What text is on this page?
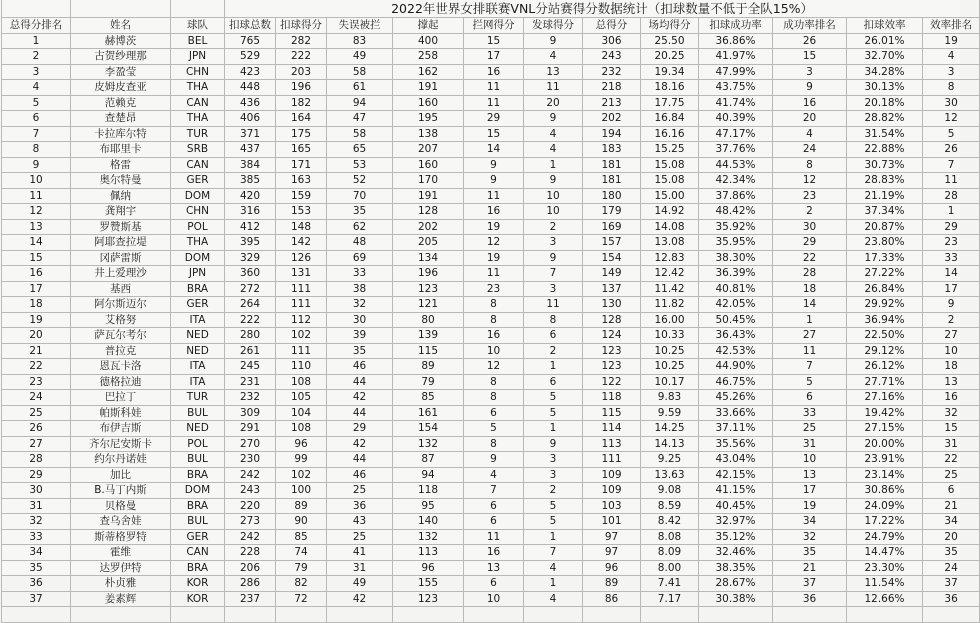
			2022年世界女排联赛VNL分站赛得分数据统计（扣球数量不低于全队15%）											
总得分排名	姓名	球队	扣球总数	扣球得分	失误被拦	撑起	拦网得分	发球得分	总得分	场均得分	扣球成功率	成功率排名	扣球效率	效率排名
1	赫博茨	BEL	765	282	83	400	15	9	306	25.50	36.86%	26	26.01%	19
2	古贺纱理那	JPN	529	222	49	258	17	4	243	20.25	41.97%	15	32.70%	4
3	李盈莹	CHN	423	203	58	162	16	13	232	19.34	47.99%	3	34.28%	3
4	皮姆皮查亚	THA	448	196	61	191	11	11	218	18.16	43.75%	9	30.13%	8
5	范赖克	CAN	436	182	94	160	11	20	213	17.75	41.74%	16	20.18%	30
6	查楚昂	THA	406	164	47	195	29	9	202	16.84	40.39%	20	28.82%	12
7	卡拉库尔特	TUR	371	175	58	138	15	4	194	16.16	47.17%	4	31.54%	5
8	布耶里卡	SRB	437	165	65	207	14	4	183	15.25	37.76%	24	22.88%	26
9	格雷	CAN	384	171	53	160	9	1	181	15.08	44.53%	8	30.73%	7
10	奥尔特曼	GER	385	163	52	170	9	9	181	15.08	42.34%	12	28.83%	11
11	佩纳	DOM	420	159	70	191	11	10	180	15.00	37.86%	23	21.19%	28
12	龚翔宇	CHN	316	153	35	128	16	10	179	14.92	48.42%	2	37.34%	1
13	罗赞斯基	POL	412	148	62	202	19	2	169	14.08	35.92%	30	20.87%	29
14	阿耶查拉堤	THA	395	142	48	205	12	3	157	13.08	35.95%	29	23.80%	23
15	冈萨雷斯	DOM	329	126	69	134	19	9	154	12.83	38.30%	22	17.33%	33
16	井上爱理沙	JPN	360	131	33	196	11	7	149	12.42	36.39%	28	27.22%	14
17	基西	BRA	272	111	38	123	23	3	137	11.42	40.81%	18	26.84%	17
18	阿尔斯迈尔	GER	264	111	32	121	8	11	130	11.82	42.05%	14	29.92%	9
19	艾格努	ITA	222	112	30	80	8	8	128	16.00	50.45%	1	36.94%	2
20	萨瓦尔考尔	NED	280	102	39	139	16	6	124	10.33	36.43%	27	22.50%	27
21	普拉克	NED	261	111	35	115	10	2	123	10.25	42.53%	11	29.12%	10
22	恩瓦卡洛	ITA	245	110	46	89	12	1	123	10.25	44.90%	7	26.12%	18
23	德格拉迪	ITA	231	108	44	79	8	6	122	10.17	46.75%	5	27.71%	13
24	巴拉丁	TUR	232	105	42	85	8	5	118	9.83	45.26%	6	27.16%	16
25	帕斯科娃	BUL	309	104	44	161	6	5	115	9.59	33.66%	33	19.42%	32
26	布伊吉斯	NED	291	108	29	154	5	1	114	14.25	37.11%	25	27.15%	15
27	齐尔尼安斯卡	POL	270	96	42	132	8	9	113	14.13	35.56%	31	20.00%	31
28	约尔丹诺娃	BUL	230	99	44	87	9	3	111	9.25	43.04%	10	23.91%	22
29	加比	BRA	242	102	46	94	4	3	109	13.63	42.15%	13	23.14%	25
30	B.马丁内斯	DOM	243	100	25	118	7	2	109	9.08	41.15%	17	30.86%	6
31	贝格曼	BRA	220	89	36	95	6	5	103	8.59	40.45%	19	24.09%	21
32	查乌舍娃	BUL	273	90	43	140	6	5	101	8.42	32.97%	34	17.22%	34
33	斯蒂格罗特	GER	242	85	25	132	11	1	97	8.08	35.12%	32	24.79%	20
34	霍维	CAN	228	74	41	113	16	7	97	8.09	32.46%	35	14.47%	35
35	达罗伊特	BRA	206	79	31	96	13	4	96	8.00	38.35%	21	23.30%	24
36	朴贞雅	KOR	286	82	49	155	6	1	89	7.41	28.67%	37	11.54%	37
37	姜素辉	KOR	237	72	42	123	10	4	86	7.17	30.38%	36	12.66%	36
